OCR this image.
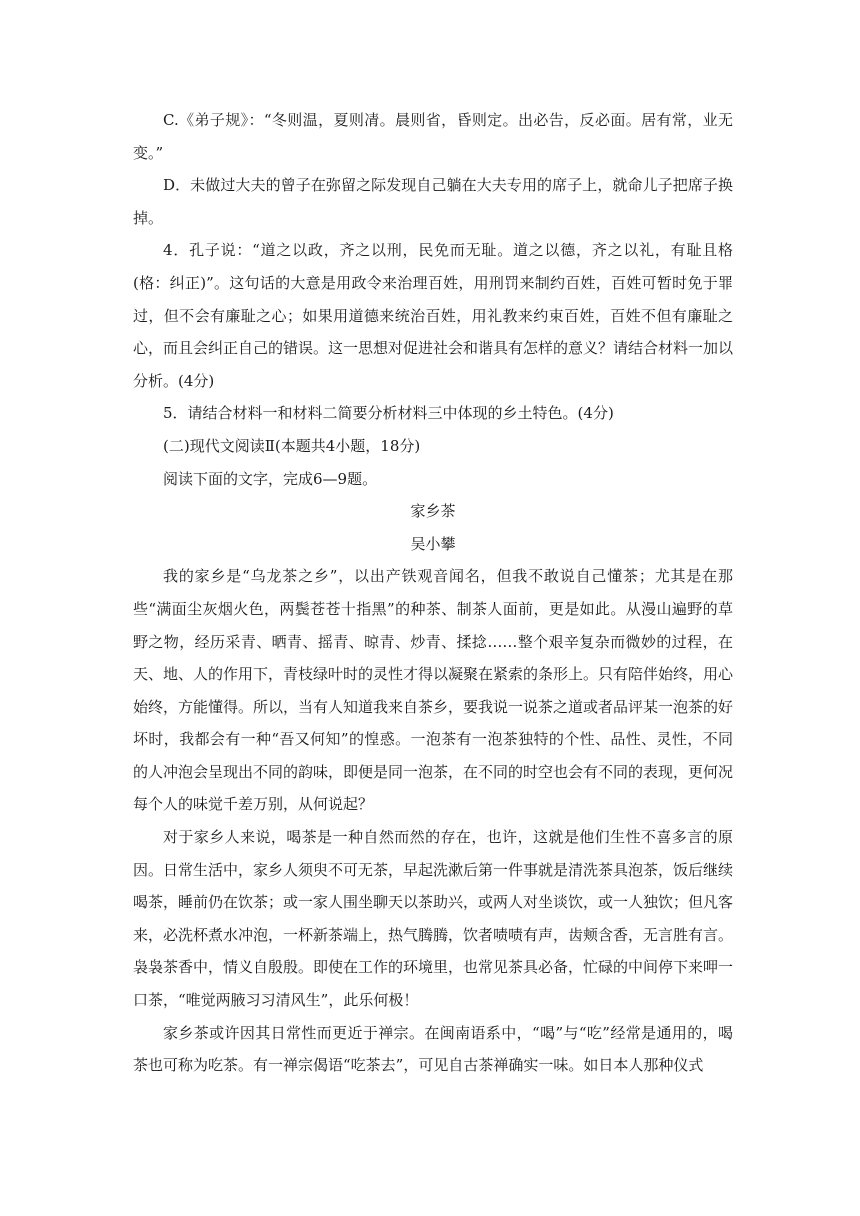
C.《弟子规》：“冬则温，夏则凊。晨则省，昏则定。出必告，反必面。居有常，业无变。”

D．未做过大夫的曾子在弥留之际发现自己躺在大夫专用的席子上，就命儿子把席子换掉。

4．孔子说：“道之以政，齐之以刑，民免而无耻。道之以德，齐之以礼，有耻且格(格：纠正)”。这句话的大意是用政令来治理百姓，用刑罚来制约百姓，百姓可暂时免于罪过，但不会有廉耻之心；如果用道德来统治百姓，用礼教来约束百姓，百姓不但有廉耻之心，而且会纠正自己的错误。这一思想对促进社会和谐具有怎样的意义？请结合材料一加以分析。(4分)

5．请结合材料一和材料二简要分析材料三中体现的乡土特色。(4分)

(二)现代文阅读Ⅱ(本题共4小题，18分)

阅读下面的文字，完成6—9题。

家乡茶

吴小攀

我的家乡是“乌龙茶之乡”，以出产铁观音闻名，但我不敢说自己懂茶；尤其是在那些“满面尘灰烟火色，两鬓苍苍十指黑”的种茶、制茶人面前，更是如此。从漫山遍野的草野之物，经历采青、晒青、摇青、晾青、炒青、揉捻……整个艰辛复杂而微妙的过程，在天、地、人的作用下，青枝绿叶时的灵性才得以凝聚在紧索的条形上。只有陪伴始终，用心始终，方能懂得。所以，当有人知道我来自茶乡，要我说一说茶之道或者品评某一泡茶的好坏时，我都会有一种“吾又何知”的惶惑。一泡茶有一泡茶独特的个性、品性、灵性，不同的人冲泡会呈现出不同的韵味，即便是同一泡茶，在不同的时空也会有不同的表现，更何况每个人的味觉千差万别，从何说起？

对于家乡人来说，喝茶是一种自然而然的存在，也许，这就是他们生性不喜多言的原因。日常生活中，家乡人须臾不可无茶，早起洗漱后第一件事就是清洗茶具泡茶，饭后继续喝茶，睡前仍在饮茶；或一家人围坐聊天以茶助兴，或两人对坐谈饮，或一人独饮；但凡客来，必洗杯煮水冲泡，一杯新茶端上，热气腾腾，饮者啧啧有声，齿颊含香，无言胜有言。袅袅茶香中，情义自殷殷。即使在工作的环境里，也常见茶具必备，忙碌的中间停下来呷一口茶，“唯觉两腋习习清风生”，此乐何极！

家乡茶或许因其日常性而更近于禅宗。在闽南语系中，“喝”与“吃”经常是通用的，喝茶也可称为吃茶。有一禅宗偈语“吃茶去”，可见自古茶禅确实一味。如日本人那种仪式
